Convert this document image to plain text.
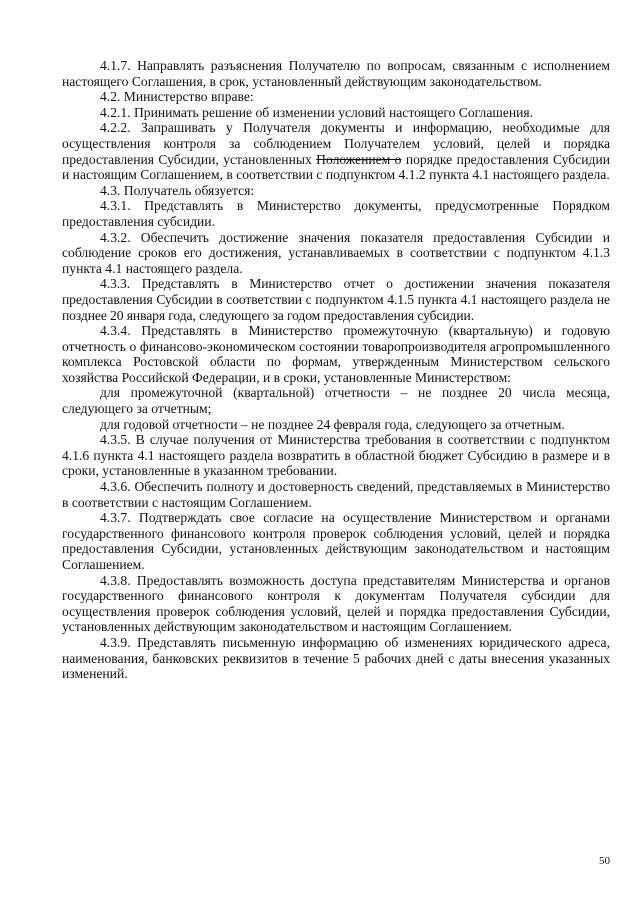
4.1.7. Направлять разъяснения Получателю по вопросам, связанным с исполнением настоящего Соглашения, в срок, установленный действующим законодательством.

4.2. Министерство вправе:

4.2.1. Принимать решение об изменении условий настоящего Соглашения.

4.2.2. Запрашивать у Получателя документы и информацию, необходимые для осуществления контроля за соблюдением Получателем условий, целей и порядка предоставления Субсидии, установленных Положением о порядке предоставления Субсидии и настоящим Соглашением, в соответствии с подпунктом 4.1.2 пункта 4.1 настоящего раздела.

4.3. Получатель обязуется:

4.3.1. Представлять в Министерство документы, предусмотренные Порядком предоставления субсидии.

4.3.2. Обеспечить достижение значения показателя предоставления Субсидии и соблюдение сроков его достижения, устанавливаемых в соответствии с подпунктом 4.1.3 пункта 4.1 настоящего раздела.

4.3.3. Представлять в Министерство отчет о достижении значения показателя предоставления Субсидии в соответствии с подпунктом 4.1.5 пункта 4.1 настоящего раздела не позднее 20 января года, следующего за годом предоставления субсидии.

4.3.4. Представлять в Министерство промежуточную (квартальную) и годовую отчетность о финансово-экономическом состоянии товаропроизводителя агропромышленного комплекса Ростовской области по формам, утвержденным Министерством сельского хозяйства Российской Федерации, и в сроки, установленные Министерством:

для промежуточной (квартальной) отчетности – не позднее 20 числа месяца, следующего за отчетным;

для годовой отчетности – не позднее 24 февраля года, следующего за отчетным.

4.3.5. В случае получения от Министерства требования в соответствии с подпунктом 4.1.6 пункта 4.1 настоящего раздела возвратить в областной бюджет Субсидию в размере и в сроки, установленные в указанном требовании.

4.3.6. Обеспечить полноту и достоверность сведений, представляемых в Министерство в соответствии с настоящим Соглашением.

4.3.7. Подтверждать свое согласие на осуществление Министерством и органами государственного финансового контроля проверок соблюдения условий, целей и порядка предоставления Субсидии, установленных действующим законодательством и настоящим Соглашением.

4.3.8. Предоставлять возможность доступа представителям Министерства и органов государственного финансового контроля к документам Получателя субсидии для осуществления проверок соблюдения условий, целей и порядка предоставления Субсидии, установленных действующим законодательством и настоящим Соглашением.

4.3.9. Представлять письменную информацию об изменениях юридического адреса, наименования, банковских реквизитов в течение 5 рабочих дней с даты внесения указанных изменений.

50
